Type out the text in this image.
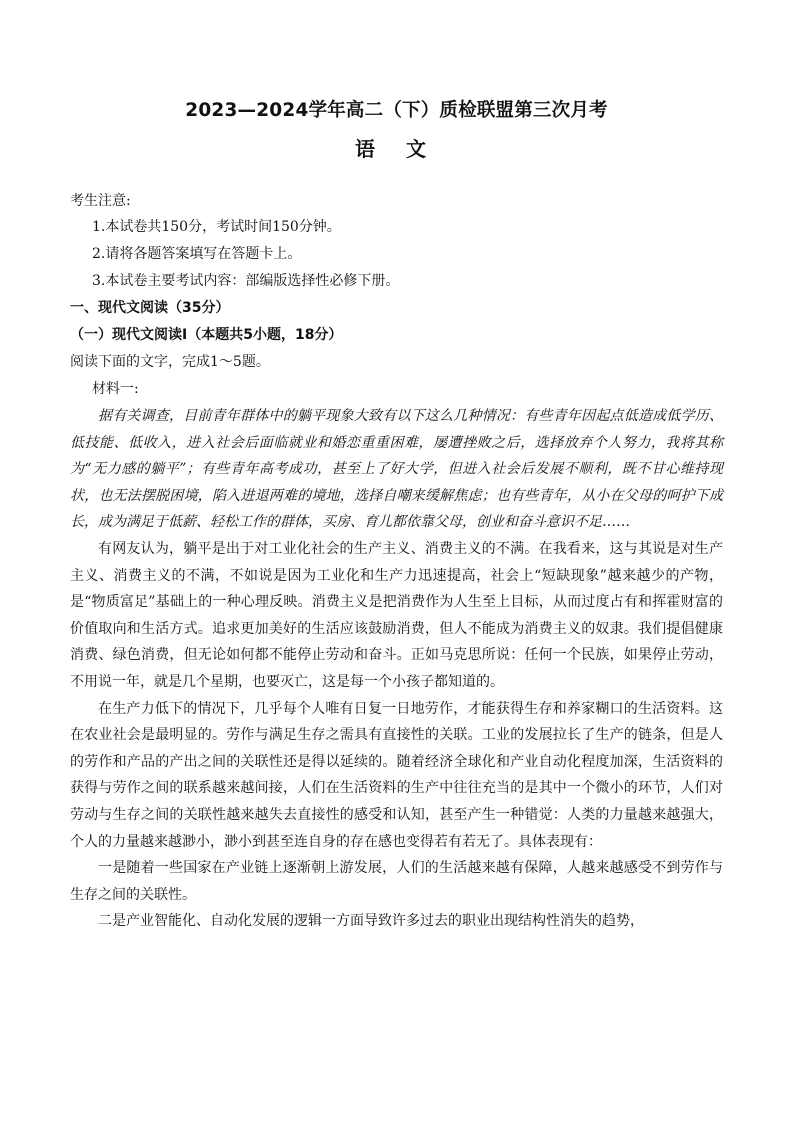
2023—2024学年高二（下）质检联盟第三次月考
语 文
考生注意:
1.本试卷共150分，考试时间150分钟。
2.请将各题答案填写在答题卡上。
3.本试卷主要考试内容：部编版选择性必修下册。
一、现代文阅读（35分）
（一）现代文阅读Ⅰ（本题共5小题，18分）
阅读下面的文字，完成1～5题。
材料一:

据有关调查，目前青年群体中的躺平现象大致有以下这么几种情况：有些青年因起点低造成低学历、低技能、低收入，进入社会后面临就业和婚恋重重困难，屡遭挫败之后，选择放弃个人努力，我将其称为“无力感的躺平”；有些青年高考成功，甚至上了好大学，但进入社会后发展不顺利，既不甘心维持现状，也无法摆脱困境，陷入进退两难的境地，选择自嘲来缓解焦虑；也有些青年，从小在父母的呵护下成长，成为满足于低薪、轻松工作的群体，买房、育儿都依靠父母，创业和奋斗意识不足……

有网友认为，躺平是出于对工业化社会的生产主义、消费主义的不满。在我看来，这与其说是对生产主义、消费主义的不满，不如说是因为工业化和生产力迅速提高，社会上“短缺现象”越来越少的产物，是“物质富足”基础上的一种心理反映。消费主义是把消费作为人生至上目标，从而过度占有和挥霍财富的价值取向和生活方式。追求更加美好的生活应该鼓励消费，但人不能成为消费主义的奴隶。我们提倡健康消费、绿色消费，但无论如何都不能停止劳动和奋斗。正如马克思所说：任何一个民族，如果停止劳动，不用说一年，就是几个星期，也要灭亡，这是每一个小孩子都知道的。

在生产力低下的情况下，几乎每个人唯有日复一日地劳作，才能获得生存和养家糊口的生活资料。这在农业社会是最明显的。劳作与满足生存之需具有直接性的关联。工业的发展拉长了生产的链条，但是人的劳作和产品的产出之间的关联性还是得以延续的。随着经济全球化和产业自动化程度加深，生活资料的获得与劳作之间的联系越来越间接，人们在生活资料的生产中往往充当的是其中一个微小的环节，人们对劳动与生存之间的关联性越来越失去直接性的感受和认知，甚至产生一种错觉：人类的力量越来越强大，个人的力量越来越渺小，渺小到甚至连自身的存在感也变得若有若无了。具体表现有：

一是随着一些国家在产业链上逐渐朝上游发展，人们的生活越来越有保障，人越来越感受不到劳作与生存之间的关联性。

二是产业智能化、自动化发展的逻辑一方面导致许多过去的职业出现结构性消失的趋势，
